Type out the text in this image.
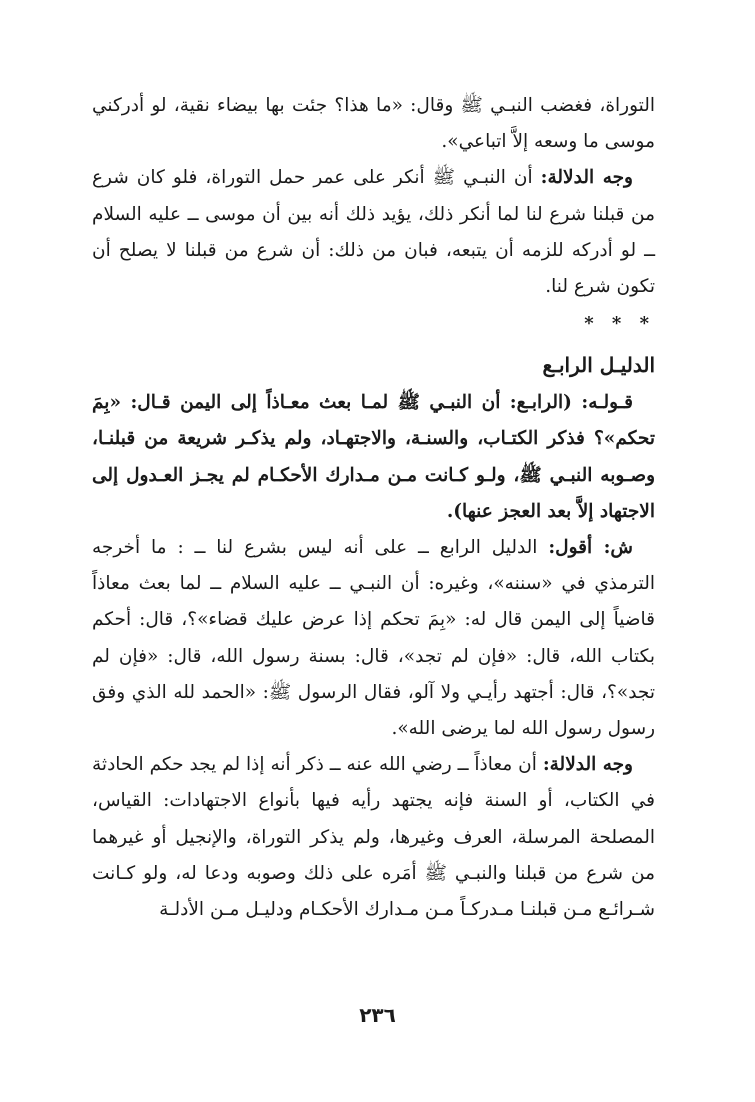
التوراة، فغضب النبـي ﷺ وقال: «ما هذا؟ جئت بها بيضاء نقية، لو أدركني موسى ما وسعه إلاَّ اتباعي».

وجه الدلالة: أن النبـي ﷺ أنكر على عمر حمل التوراة، فلو كان شرع من قبلنا شرع لنا لما أنكر ذلك، يؤيد ذلك أنه بين أن موسى ــ عليه السلام ــ لو أدركه للزمه أن يتبعه، فبان من ذلك: أن شرع من قبلنا لا يصلح أن تكون شرع لنا.

* * *
الدليـل الرابـع

قـولـه: (الرابـع: أن النبـي ﷺ لمـا بعث معـاذاً إلى اليمن قـال: «بِمَ تحكم»؟ فذكر الكتـاب، والسنـة، والاجتهـاد، ولم يذكـر شريعة من قبلنـا، وصـوبه النبـي ﷺ، ولـو كـانت مـن مـدارك الأحكـام لم يجـز العـدول إلى الاجتهاد إلاَّ بعد العجز عنها).

ش: أقول: الدليل الرابع ــ على أنه ليس بشرع لنا ــ : ما أخرجه الترمذي في «سننه»، وغيره: أن النبـي ــ عليه السلام ــ لما بعث معاذاً قاضياً إلى اليمن قال له: «بِمَ تحكم إذا عرض عليك قضاء»؟، قال: أحكم بكتاب الله، قال: «فإن لم تجد»، قال: بسنة رسول الله، قال: «فإن لم تجد»؟، قال: أجتهد رأيـي ولا آلو، فقال الرسول ﷺ: «الحمد لله الذي وفق رسول رسول الله لما يرضى الله».

وجه الدلالة: أن معاذاً ــ رضي الله عنه ــ ذكر أنه إذا لم يجد حكم الحادثة في الكتاب، أو السنة فإنه يجتهد رأيه فيها بأنواع الاجتهادات: القياس، المصلحة المرسلة، العرف وغيرها، ولم يذكر التوراة، والإنجيل أو غيرهما من شرع من قبلنا والنبـي ﷺ أمَره على ذلك وصوبه ودعا له، ولو كـانت شـرائـع مـن قبلنـا مـدركـاً مـن مـدارك الأحكـام ودليـل مـن الأدلـة

٢٣٦
